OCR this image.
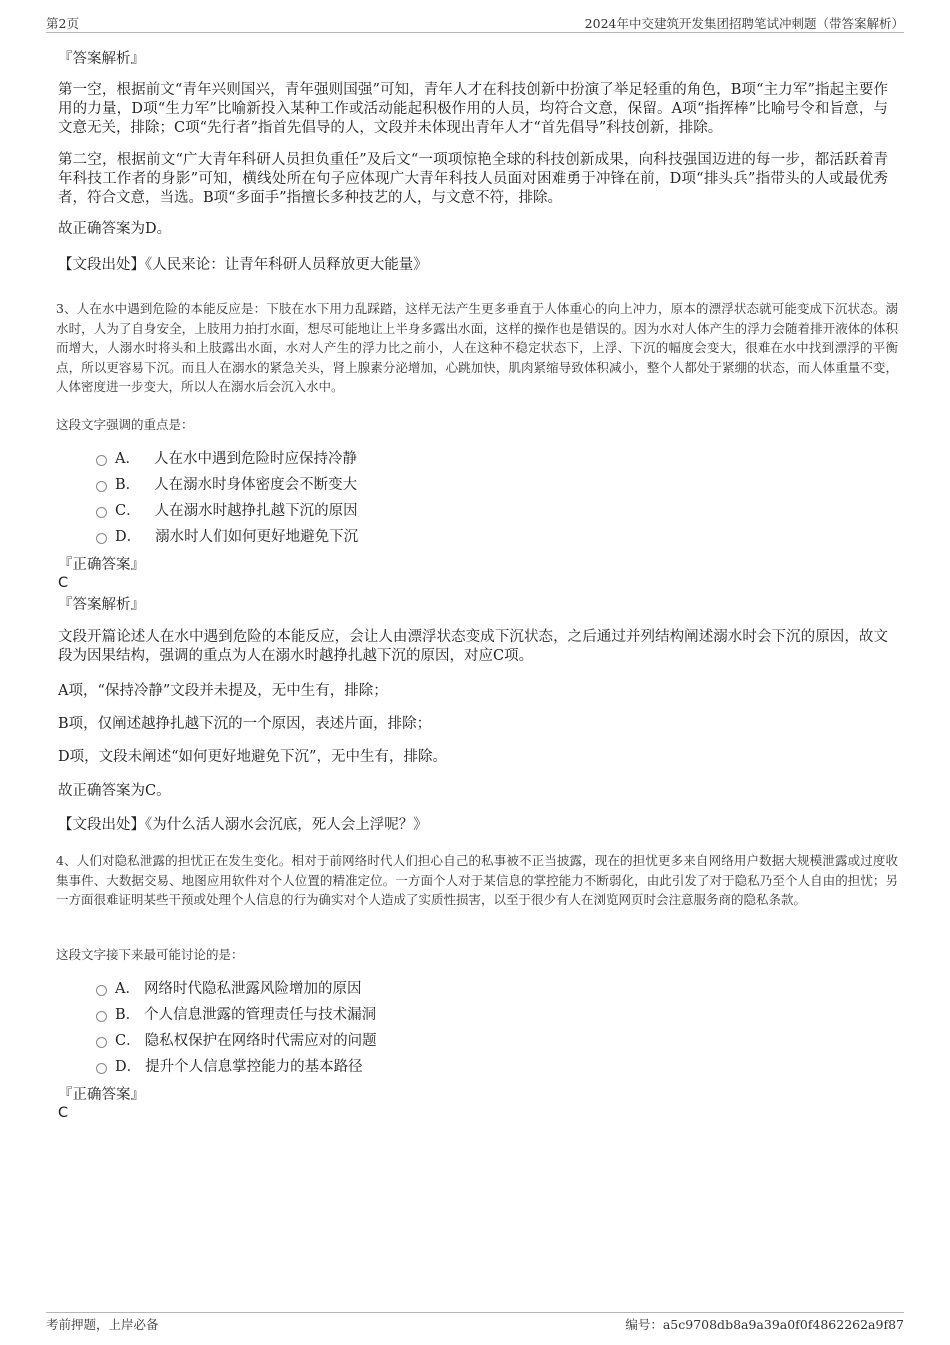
第2页	2024年中交建筑开发集团招聘笔试冲刺题（带答案解析）
『答案解析』
第一空，根据前文“青年兴则国兴，青年强则国强”可知，青年人才在科技创新中扮演了举足轻重的角色，B项“主力军”指起主要作用的力量，D项“生力军”比喻新投入某种工作或活动能起积极作用的人员，均符合文意，保留。A项“指挥棒”比喻号令和旨意，与文意无关，排除；C项“先行者”指首先倡导的人，文段并未体现出青年人才“首先倡导”科技创新，排除。
第二空，根据前文“广大青年科研人员担负重任”及后文“一项项惊艳全球的科技创新成果，向科技强国迈进的每一步，都活跃着青年科技工作者的身影”可知，横线处所在句子应体现广大青年科技人员面对困难勇于冲锋在前，D项“排头兵”指带头的人或最优秀者，符合文意，当选。B项“多面手”指擅长多种技艺的人，与文意不符，排除。
故正确答案为D。
【文段出处】《人民来论：让青年科研人员释放更大能量》
3、人在水中遇到危险的本能反应是：下肢在水下用力乱踩踏，这样无法产生更多垂直于人体重心的向上冲力，原本的漂浮状态就可能变成下沉状态。溺水时，人为了自身安全，上肢用力拍打水面，想尽可能地让上半身多露出水面，这样的操作也是错误的。因为水对人体产生的浮力会随着排开液体的体积而增大，人溺水时将头和上肢露出水面，水对人产生的浮力比之前小，人在这种不稳定状态下，上浮、下沉的幅度会变大，很难在水中找到漂浮的平衡点，所以更容易下沉。而且人在溺水的紧急关头，肾上腺素分泌增加，心跳加快，肌肉紧缩导致体积减小，整个人都处于紧绷的状态，而人体重量不变，人体密度进一步变大，所以人在溺水后会沉入水中。
这段文字强调的重点是：
A． 人在水中遇到危险时应保持冷静
B． 人在溺水时身体密度会不断变大
C． 人在溺水时越挣扎越下沉的原因
D． 溺水时人们如何更好地避免下沉
『正确答案』
C
『答案解析』
文段开篇论述人在水中遇到危险的本能反应，会让人由漂浮状态变成下沉状态，之后通过并列结构阐述溺水时会下沉的原因，故文段为因果结构，强调的重点为人在溺水时越挣扎越下沉的原因，对应C项。
A项，“保持冷静”文段并未提及，无中生有，排除；
B项，仅阐述越挣扎越下沉的一个原因，表述片面，排除；
D项，文段未阐述“如何更好地避免下沉”，无中生有，排除。
故正确答案为C。
【文段出处】《为什么活人溺水会沉底，死人会上浮呢？》
4、人们对隐私泄露的担忧正在发生变化。相对于前网络时代人们担心自己的私事被不正当披露，现在的担忧更多来自网络用户数据大规模泄露或过度收集事件、大数据交易、地图应用软件对个人位置的精准定位。一方面个人对于某信息的掌控能力不断弱化，由此引发了对于隐私乃至个人自由的担忧；另一方面很难证明某些干预或处理个人信息的行为确实对个人造成了实质性损害，以至于很少有人在浏览网页时会注意服务商的隐私条款。
这段文字接下来最可能讨论的是：
A． 网络时代隐私泄露风险增加的原因
B． 个人信息泄露的管理责任与技术漏洞
C． 隐私权保护在网络时代需应对的问题
D． 提升个人信息掌控能力的基本路径
『正确答案』
C
考前押题，上岸必备	编号：a5c9708db8a9a39a0f0f4862262a9f87
